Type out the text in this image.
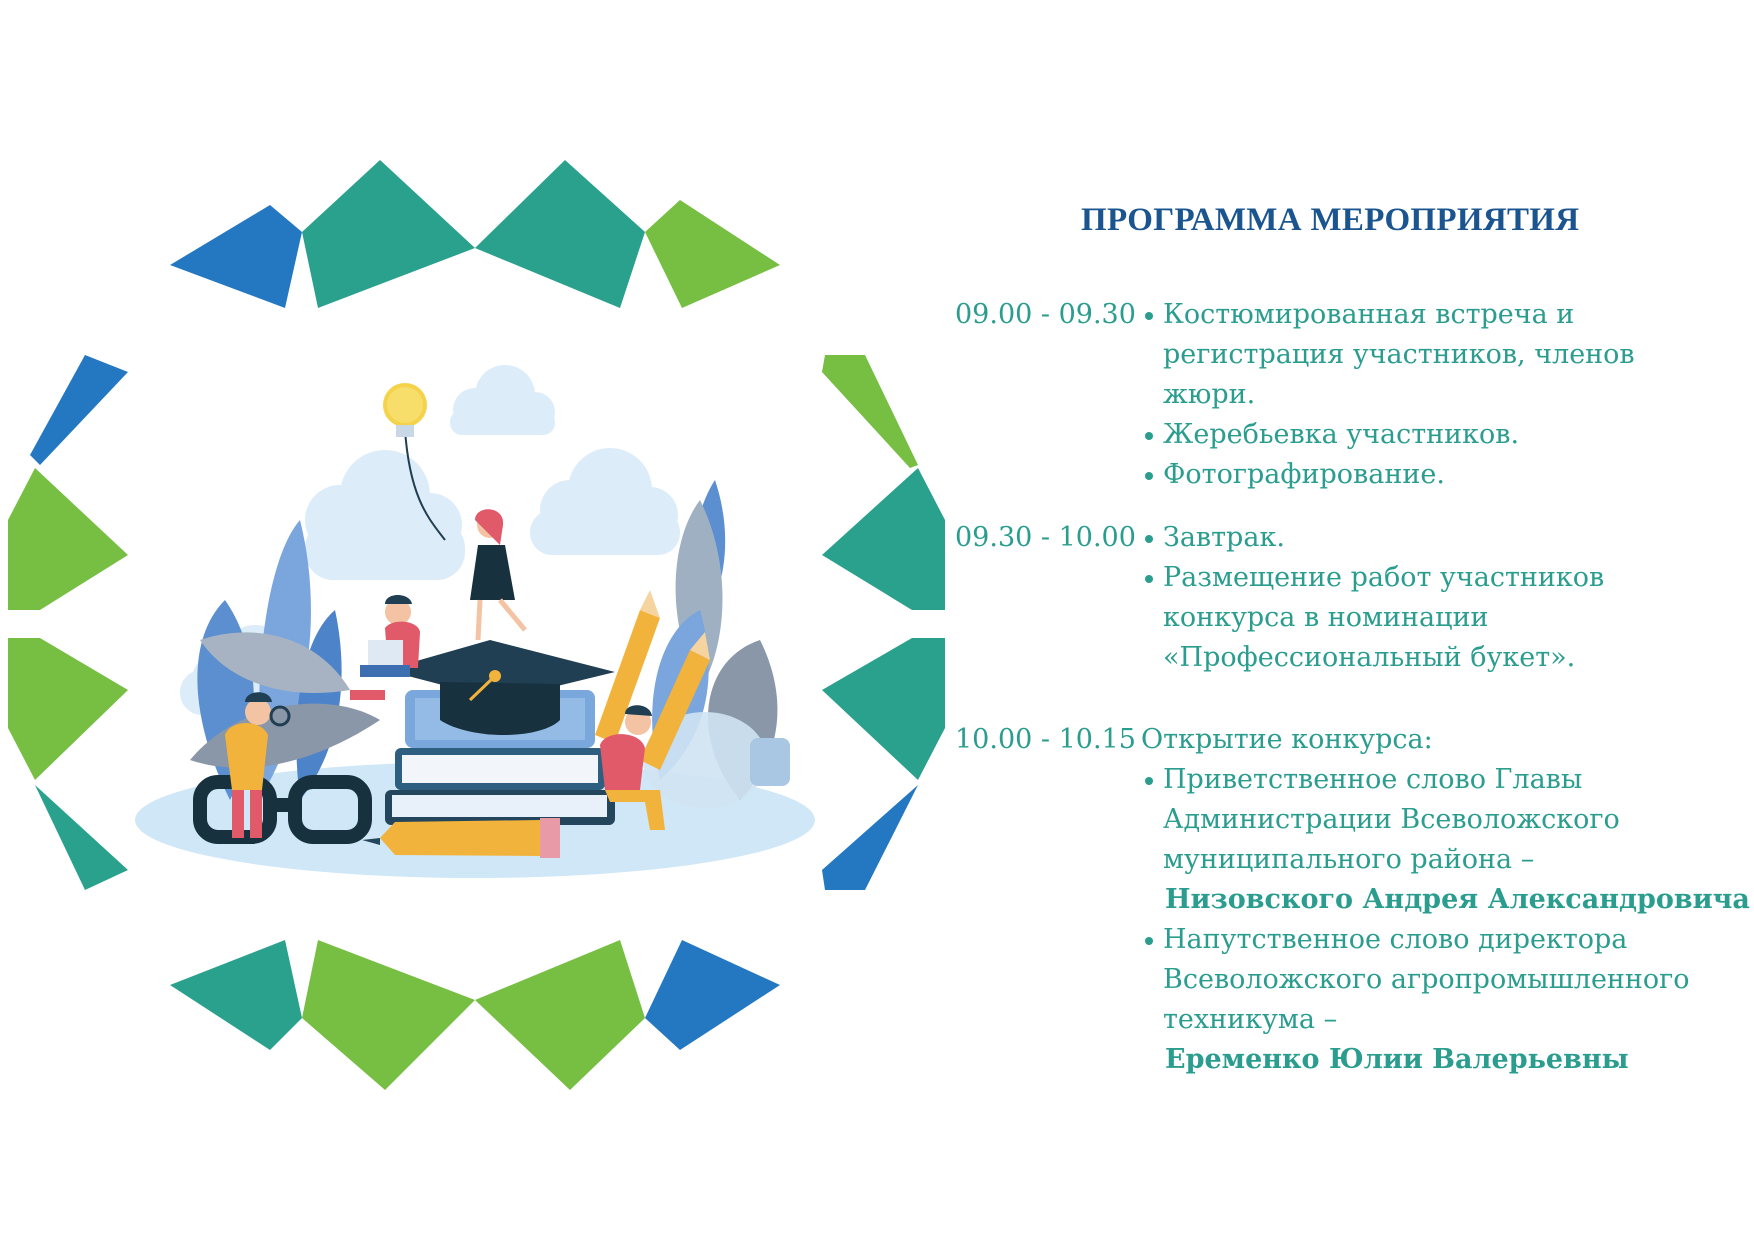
ПРОГРАММА МЕРОПРИЯТИЯ
09.00 - 09.30 Костюмированная встреча и
регистрация участников, членов
жюри.
Жеребьевка участников.
Фотографирование.
09.30 - 10.00 Завтрак.
Размещение работ участников
конкурса в номинации
«Профессиональный букет».
10.00 - 10.15 Открытие конкурса:
Приветственное слово Главы
Администрации Всеволожского
муниципального района –
Низовского Андрея Александровича
Напутственное слово директора
Всеволожского агропромышленного
техникума –
Еременко Юлии Валерьевны
